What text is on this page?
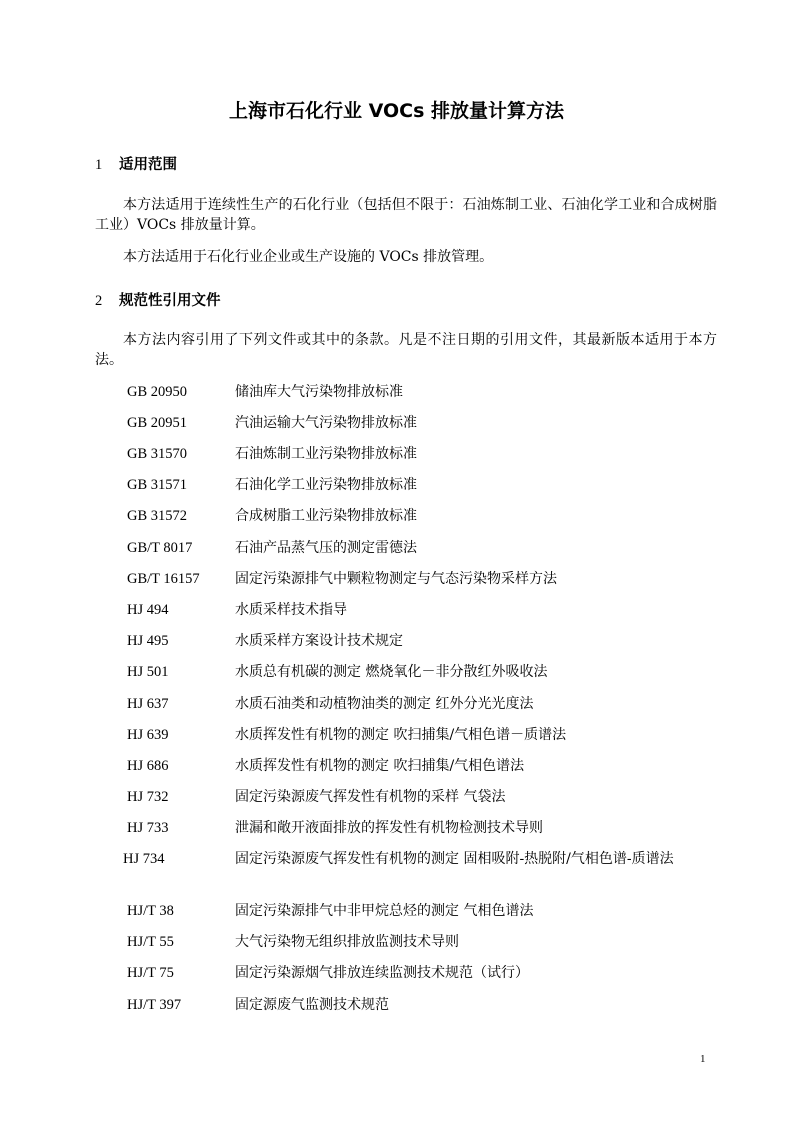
上海市石化行业 VOCs 排放量计算方法
1 适用范围
本方法适用于连续性生产的石化行业（包括但不限于：石油炼制工业、石油化学工业和合成树脂工业）VOCs 排放量计算。
本方法适用于石化行业企业或生产设施的 VOCs 排放管理。
2 规范性引用文件
本方法内容引用了下列文件或其中的条款。凡是不注日期的引用文件，其最新版本适用于本方法。
GB 20950	储油库大气污染物排放标准
GB 20951	汽油运输大气污染物排放标准
GB 31570	石油炼制工业污染物排放标准
GB 31571	石油化学工业污染物排放标准
GB 31572	合成树脂工业污染物排放标准
GB/T 8017	石油产品蒸气压的测定雷德法
GB/T 16157	固定污染源排气中颗粒物测定与气态污染物采样方法
HJ 494	水质采样技术指导
HJ 495	水质采样方案设计技术规定
HJ 501	水质总有机碳的测定 燃烧氧化－非分散红外吸收法
HJ 637	水质石油类和动植物油类的测定 红外分光光度法
HJ 639	水质挥发性有机物的测定 吹扫捕集/气相色谱－质谱法
HJ 686	水质挥发性有机物的测定 吹扫捕集/气相色谱法
HJ 732	固定污染源废气挥发性有机物的采样 气袋法
HJ 733	泄漏和敞开液面排放的挥发性有机物检测技术导则
HJ 734	固定污染源废气挥发性有机物的测定 固相吸附-热脱附/气相色谱-质谱法
HJ/T 38	固定污染源排气中非甲烷总烃的测定 气相色谱法
HJ/T 55	大气污染物无组织排放监测技术导则
HJ/T 75	固定污染源烟气排放连续监测技术规范（试行）
HJ/T 397	固定源废气监测技术规范
1
